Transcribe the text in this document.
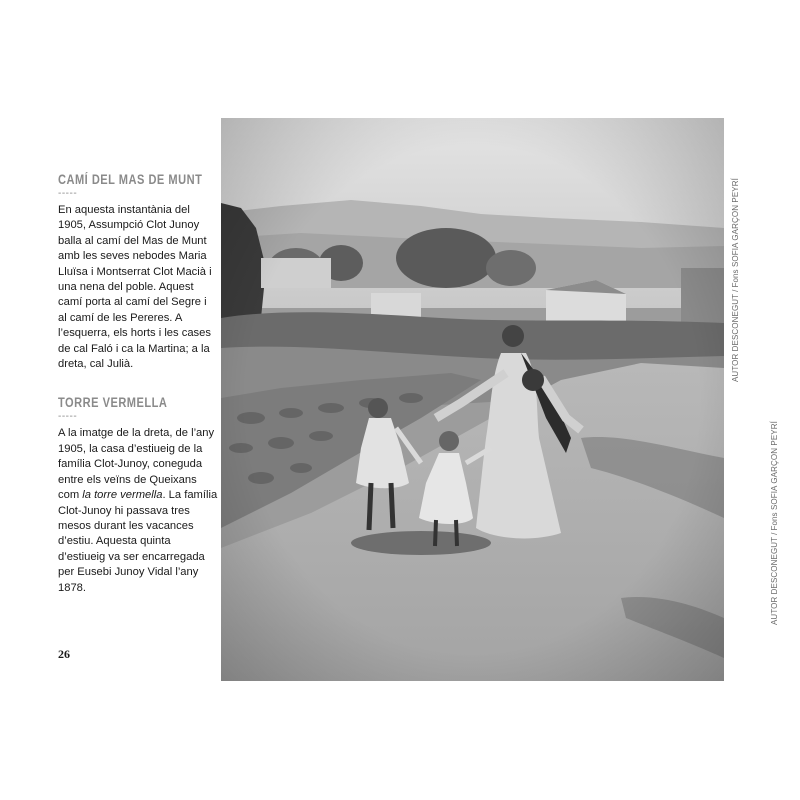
CAMÍ DEL MAS DE MUNT
-----

En aquesta instantània del 1905, Assumpció Clot Junoy balla al camí del Mas de Munt amb les seves nebodes Maria Lluïsa i Montserrat Clot Macià i una nena del poble. Aquest camí porta al camí del Segre i al camí de les Pereres. A l’esquerra, els horts i les cases de cal Faló i ca la Martina; a la dreta, cal Julià.

TORRE VERMELLA
-----

A la imatge de la dreta, de l’any 1905, la casa d’estiueig de la família Clot-Junoy, coneguda entre els veïns de Queixans com la torre vermella. La família Clot-Junoy hi passava tres mesos durant les vacances d’estiu. Aquesta quinta d’estiueig va ser encarregada per Eusebi Junoy Vidal l’any 1878.

26
AUTOR DESCONEGUT/Fons SOFIA GARÇON PEYRÍ
AUTOR DESCONEGUT/Fons SOFIA GARÇON PEYRÍ
